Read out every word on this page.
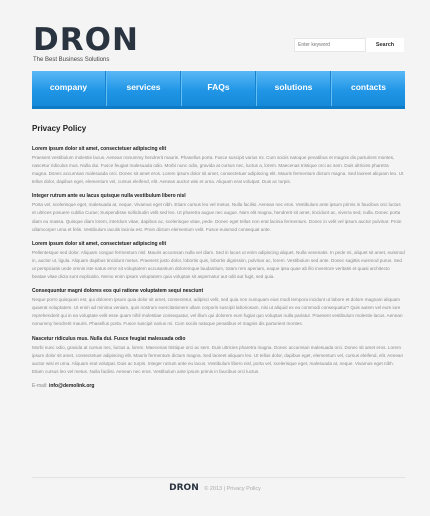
DRON
The Best Business Solutions
Enter keyword
Search
company	services	FAQs	solutions	contacts
Privacy Policy
Lorem ipsum dolor sit amet, consectetuer adipiscing elit
Praesent vestibulum molestie lacus. Aenean nonummy hendrerit mauris. Phasellus porta. Fusce suscipit varius mi. Cum sociis natoque penatibus et magnis dis parturient montes, nascetur ridiculus mus. Nulla dui. Fusce feugiat malesuada odio. Morbi nunc odio, gravida at cursus nec, luctus a, lorem. Maecenas tristique orci ac sem. Duis ultricies pharetra magna. Donec accumsan malesuada orci. Donec sit amet eros. Lorem ipsum dolor sit amet, consectetuer adipiscing elit. Mauris fermentum dictum magna. Sed laoreet aliquam leo. Ut tellus dolor, dapibus eget, elementum vel, cursus eleifend, elit. Aenean auctor wisi et urna. Aliquam erat volutpat. Duis ac turpis.
Integer rutrum ante eu lacus quisque nulla vestibulum libero nisl
Porta vel, scelerisque eget, malesuada at, neque. Vivamus eget nibh. Etiam cursus leo vel metus. Nulla facilisi. Aenean nec eros. Vestibulum ante ipsum primis in faucibus orci luctus et ultrices posuere cubilia Curae; Suspendisse sollicitudin velit sed leo. Ut pharetra augue nec augue. Nam elit magna, hendrerit sit amet, tincidunt ac, viverra sed, nulla. Donec porta diam eu massa. Quisque diam lorem, interdum vitae, dapibus ac, scelerisque vitae, pede. Donec eget tellus non erat lacinia fermentum. Donec in velit vel ipsum auctor pulvinar. Proin ullamcorper urna et felis. Vestibulum iaculis lacinia est. Proin dictum elementum velit. Fusce euismod consequat ante.
Lorem ipsum dolor sit amet, consectetuer adipiscing elit
Pellentesque sed dolor. Aliquam congue fermentum nisl. Mauris accumsan nulla vel diam. Sed in lacus ut enim adipiscing aliquet. Nulla venenatis. In pede mi, aliquet sit amet, euismod in, auctor ut, ligula. Aliquam dapibus tincidunt metus. Praesent justo dolor, lobortis quis, lobortis dignissim, pulvinar ac, lorem. Vestibulum sed ante. Donec sagittis euismod purus. Sed ut perspiciatis unde omnis iste natus error sit voluptatem accusantium doloremque laudantium, totam rem aperiam, eaque ipsa quae ab illo inventore veritatis et quasi architecto beatae vitae dicta sunt explicabo. Nemo enim ipsam voluptatem quia voluptas sit aspernatur aut odit aut fugit, sed quia.
Consequuntur magni dolores eos qui ratione voluptatem sequi nesciunt
Neque porro quisquam est, qui dolorem ipsum quia dolor sit amet, consectetur, adipisci velit, sed quia non numquam eius modi tempora incidunt ut labore et dolore magnam aliquam quaerat voluptatem. Ut enim ad minima veniam, quis nostrum exercitationem ullam corporis suscipit laboriosam, nisi ut aliquid ex ea commodi consequatur? Quis autem vel eum iure reprehenderit qui in ea voluptate velit esse quam nihil molestiae consequatur, vel illum qui dolorem eum fugiat quo voluptas nulla pariatur. Praesent vestibulum molestie lacus. Aenean nonummy hendrerit mauris. Phasellus porta. Fusce suscipit varius mi. Cum sociis natoque penatibus et magnis dis parturient montes.
Nascetur ridiculus mus. Nulla dui. Fusce feugiat malesuada odio
Morbi nunc odio, gravida at cursus nec, luctus a, lorem. Maecenas tristique orci ac sem. Duis ultricies pharetra magna. Donec accumsan malesuada orci. Donec sit amet eros. Lorem ipsum dolor sit amet, consectetuer adipiscing elit. Mauris fermentum dictum magna. Sed laoreet aliquam leo. Ut tellus dolor, dapibus eget, elementum vel, cursus eleifend, elit. Aenean auctor wisi et urna. Aliquam erat volutpat. Duis ac turpis. Integer rutrum ante eu lacus. Vestibulum libero nisl, porta vel, scelerisque eget, malesuada at, neque. Vivamus eget nibh. Etiam cursus leo vel metus. Nulla facilisi. Aenean nec eros. Vestibulum ante ipsum primis in faucibus orci luctus.
E-mail: info@demolink.org
DRON © 2013 | Privacy Policy
